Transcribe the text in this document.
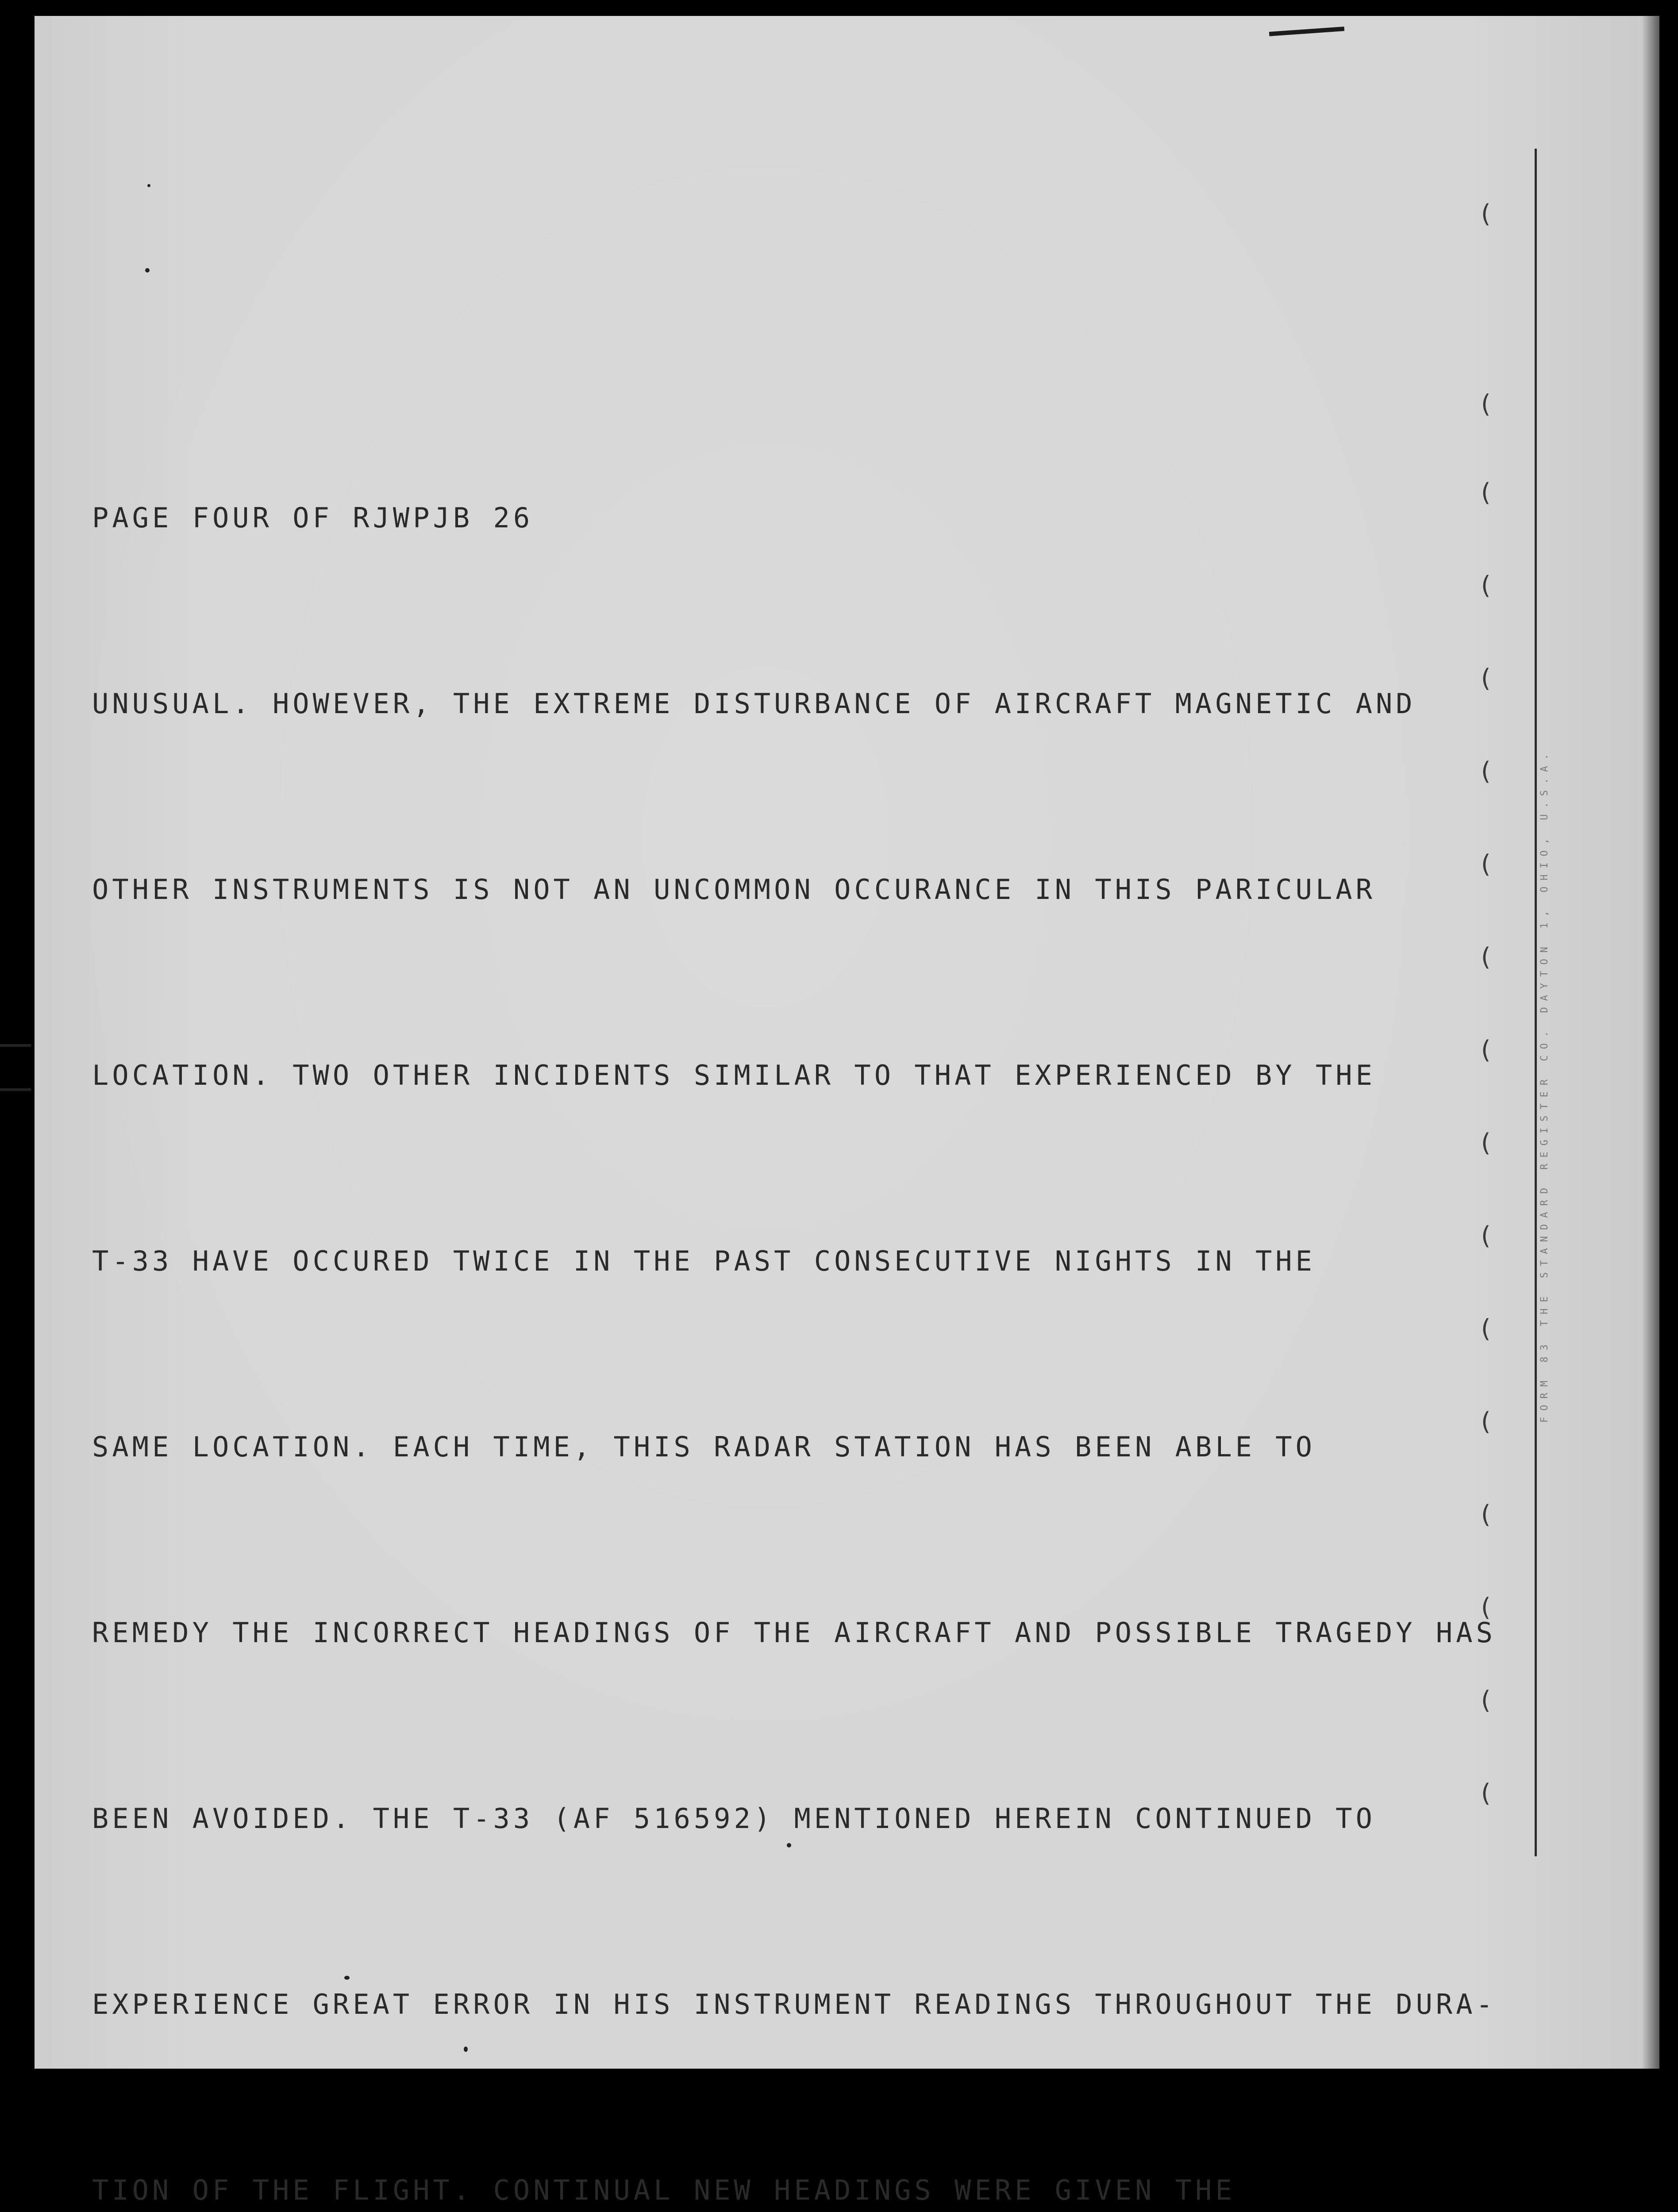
PAGE FOUR OF RJWPJB 26

UNUSUAL. HOWEVER, THE EXTREME DISTURBANCE OF AIRCRAFT MAGNETIC AND

OTHER INSTRUMENTS IS NOT AN UNCOMMON OCCURANCE IN THIS PARICULAR

LOCATION. TWO OTHER INCIDENTS SIMILAR TO THAT EXPERIENCED BY THE

T-33 HAVE OCCURED TWICE IN THE PAST CONSECUTIVE NIGHTS IN THE

SAME LOCATION. EACH TIME, THIS RADAR STATION HAS BEEN ABLE TO

REMEDY THE INCORRECT HEADINGS OF THE AIRCRAFT AND POSSIBLE TRAGEDY HAS

BEEN AVOIDED. THE T-33 (AF 516592) MENTIONED HEREIN CONTINUED TO

EXPERIENCE GREAT ERROR IN HIS INSTRUMENT READINGS THROUGHOUT THE DURA-

TION OF THE FLIGHT. CONTINUAL NEW HEADINGS WERE GIVEN THE

FORM 83 THE STANDARD REGISTER CO. DAYTON 1, OHIO, U.S.A.
(
(
(
(
(
(
(
(
(
(
(
(
(
(
(
(
(
